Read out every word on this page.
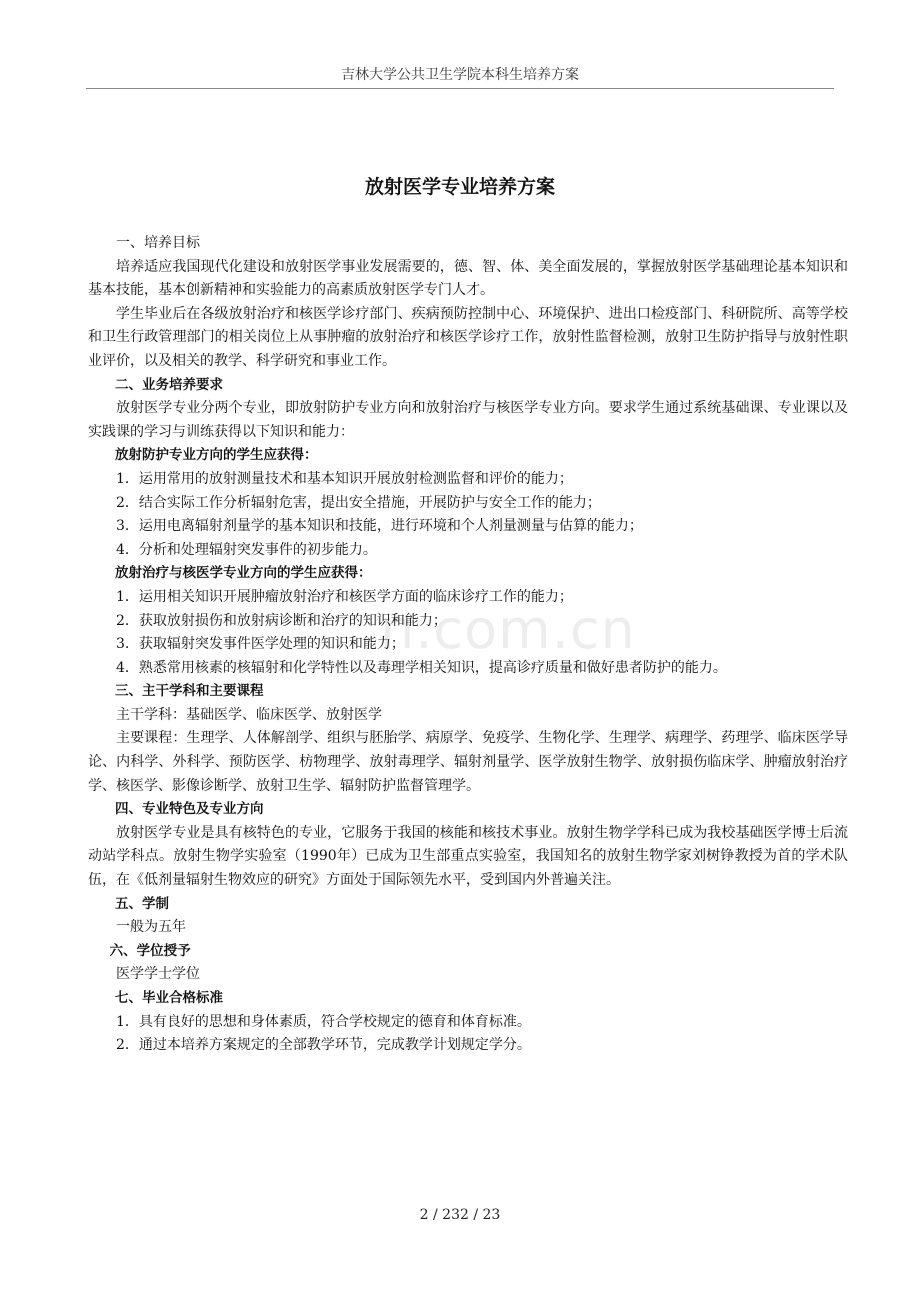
吉林大学公共卫生学院本科生培养方案
放射医学专业培养方案

一、培养目标

培养适应我国现代化建设和放射医学事业发展需要的，德、智、体、美全面发展的，掌握放射医学基础理论基本知识和基本技能，基本创新精神和实验能力的高素质放射医学专门人才。

学生毕业后在各级放射治疗和核医学诊疗部门、疾病预防控制中心、环境保护、进出口检疫部门、科研院所、高等学校和卫生行政管理部门的相关岗位上从事肿瘤的放射治疗和核医学诊疗工作，放射性监督检测，放射卫生防护指导与放射性职业评价，以及相关的教学、科学研究和事业工作。

二、业务培养要求

放射医学专业分两个专业，即放射防护专业方向和放射治疗与核医学专业方向。要求学生通过系统基础课、专业课以及实践课的学习与训练获得以下知识和能力：

放射防护专业方向的学生应获得：

1．运用常用的放射测量技术和基本知识开展放射检测监督和评价的能力；

2．结合实际工作分析辐射危害，提出安全措施，开展防护与安全工作的能力；

3．运用电离辐射剂量学的基本知识和技能，进行环境和个人剂量测量与估算的能力；

4．分析和处理辐射突发事件的初步能力。

放射治疗与核医学专业方向的学生应获得：

1．运用相关知识开展肿瘤放射治疗和核医学方面的临床诊疗工作的能力；

2．获取放射损伤和放射病诊断和治疗的知识和能力；

3．获取辐射突发事件医学处理的知识和能力；

4．熟悉常用核素的核辐射和化学特性以及毒理学相关知识，提高诊疗质量和做好患者防护的能力。

三、主干学科和主要课程

主干学科：基础医学、临床医学、放射医学

主要课程：生理学、人体解剖学、组织与胚胎学、病原学、免疫学、生物化学、生理学、病理学、药理学、临床医学导论、内科学、外科学、预防医学、枋物理学、放射毒理学、辐射剂量学、医学放射生物学、放射损伤临床学、肿瘤放射治疗学、核医学、影像诊断学、放射卫生学、辐射防护监督管理学。

四、专业特色及专业方向

放射医学专业是具有核特色的专业，它服务于我国的核能和核技术事业。放射生物学学科已成为我校基础医学博士后流动站学科点。放射生物学实验室（1990年）已成为卫生部重点实验室，我国知名的放射生物学家刘树铮教授为首的学术队伍，在《低剂量辐射生物效应的研究》方面处于国际领先水平，受到国内外普遍关注。

五、学制

一般为五年

六、学位授予

医学学士学位

七、毕业合格标准

1．具有良好的思想和身体素质，符合学校规定的德育和体育标准。

2．通过本培养方案规定的全部教学环节，完成教学计划规定学分。

n.com.cn
2 / 232 / 23
